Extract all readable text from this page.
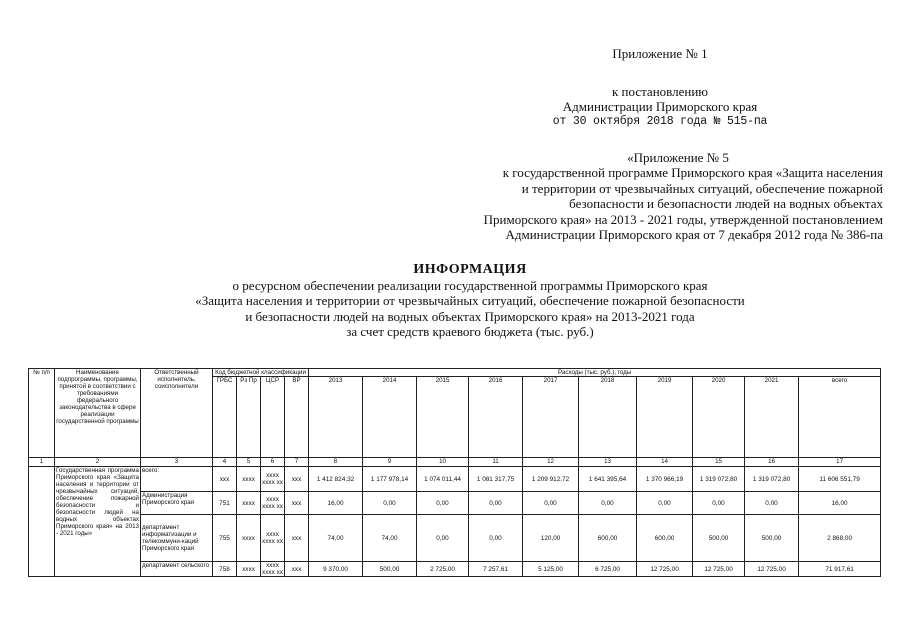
Приложение № 1
к постановлению
Администрации Приморского края
от 30 октября 2018 года № 515-па
«Приложение № 5
к государственной программе Приморского края «Защита населения
и территории от чрезвычайных ситуаций, обеспечение пожарной
безопасности и безопасности людей на водных объектах
Приморского края» на 2013 - 2021 годы, утвержденной постановлением
Администрации Приморского края от 7 декабря 2012 года № 386-па
ИНФОРМАЦИЯ
о ресурсном обеспечении реализации государственной программы Приморского края
«Защита населения и территории от чрезвычайных ситуаций, обеспечение пожарной безопасности
и безопасности людей на водных объектах Приморского края» на 2013-2021 года
за счет средств краевого бюджета (тыс. руб.)
№ п/п	Наименование подпрограммы, программы, принятой в соответствии с требованиями федерального законодательства в сфере реализации государственной программы	Ответственный исполнитель, соисполнители	Код бюджетной классификации				Расходы (тыс. руб.), годы									
			ГРБС	Рз Пр	ЦСР	ВР	2013	2014	2015	2016	2017	2018	2019	2020	2021	всего
1	2	3	4	5	6	7	8	9	10	11	12	13	14	15	16	17
	Государственная программа Приморского края «Защита населения и территории от чрезвычайных ситуаций, обеспечение пожарной безопасности и безопасности людей на водных объектах Приморского края» на 2013 - 2021 годы»	всего:	ххх	хххх	хххх хххх хх	ххх	1 412 824,32	1 177 978,14	1 074 011,44	1 081 317,75	1 209 912,72	1 641 395,64	1 370 966,19	1 319 072,80	1 319 072,80	11 606 551,79
		Администрация Приморского края	751	хххх	хххх хххх хх	ххх	16,00	0,00	0,00	0,00	0,00	0,00	0,00	0,00	0,00	16,00
		департамент информатизации и телекоммуни-каций Приморского края	755	хххх	хххх хххх хх	ххх	74,00	74,00	0,00	0,00	120,00	600,00	600,00	500,00	500,00	2 868,00
		департамент сельского	758	хххх	хххх хххх хх	ххх	9 370,00	500,00	2 725,00	7 257,61	5 125,00	6 725,00	12 725,00	12 725,00	12 725,00	71 917,61
